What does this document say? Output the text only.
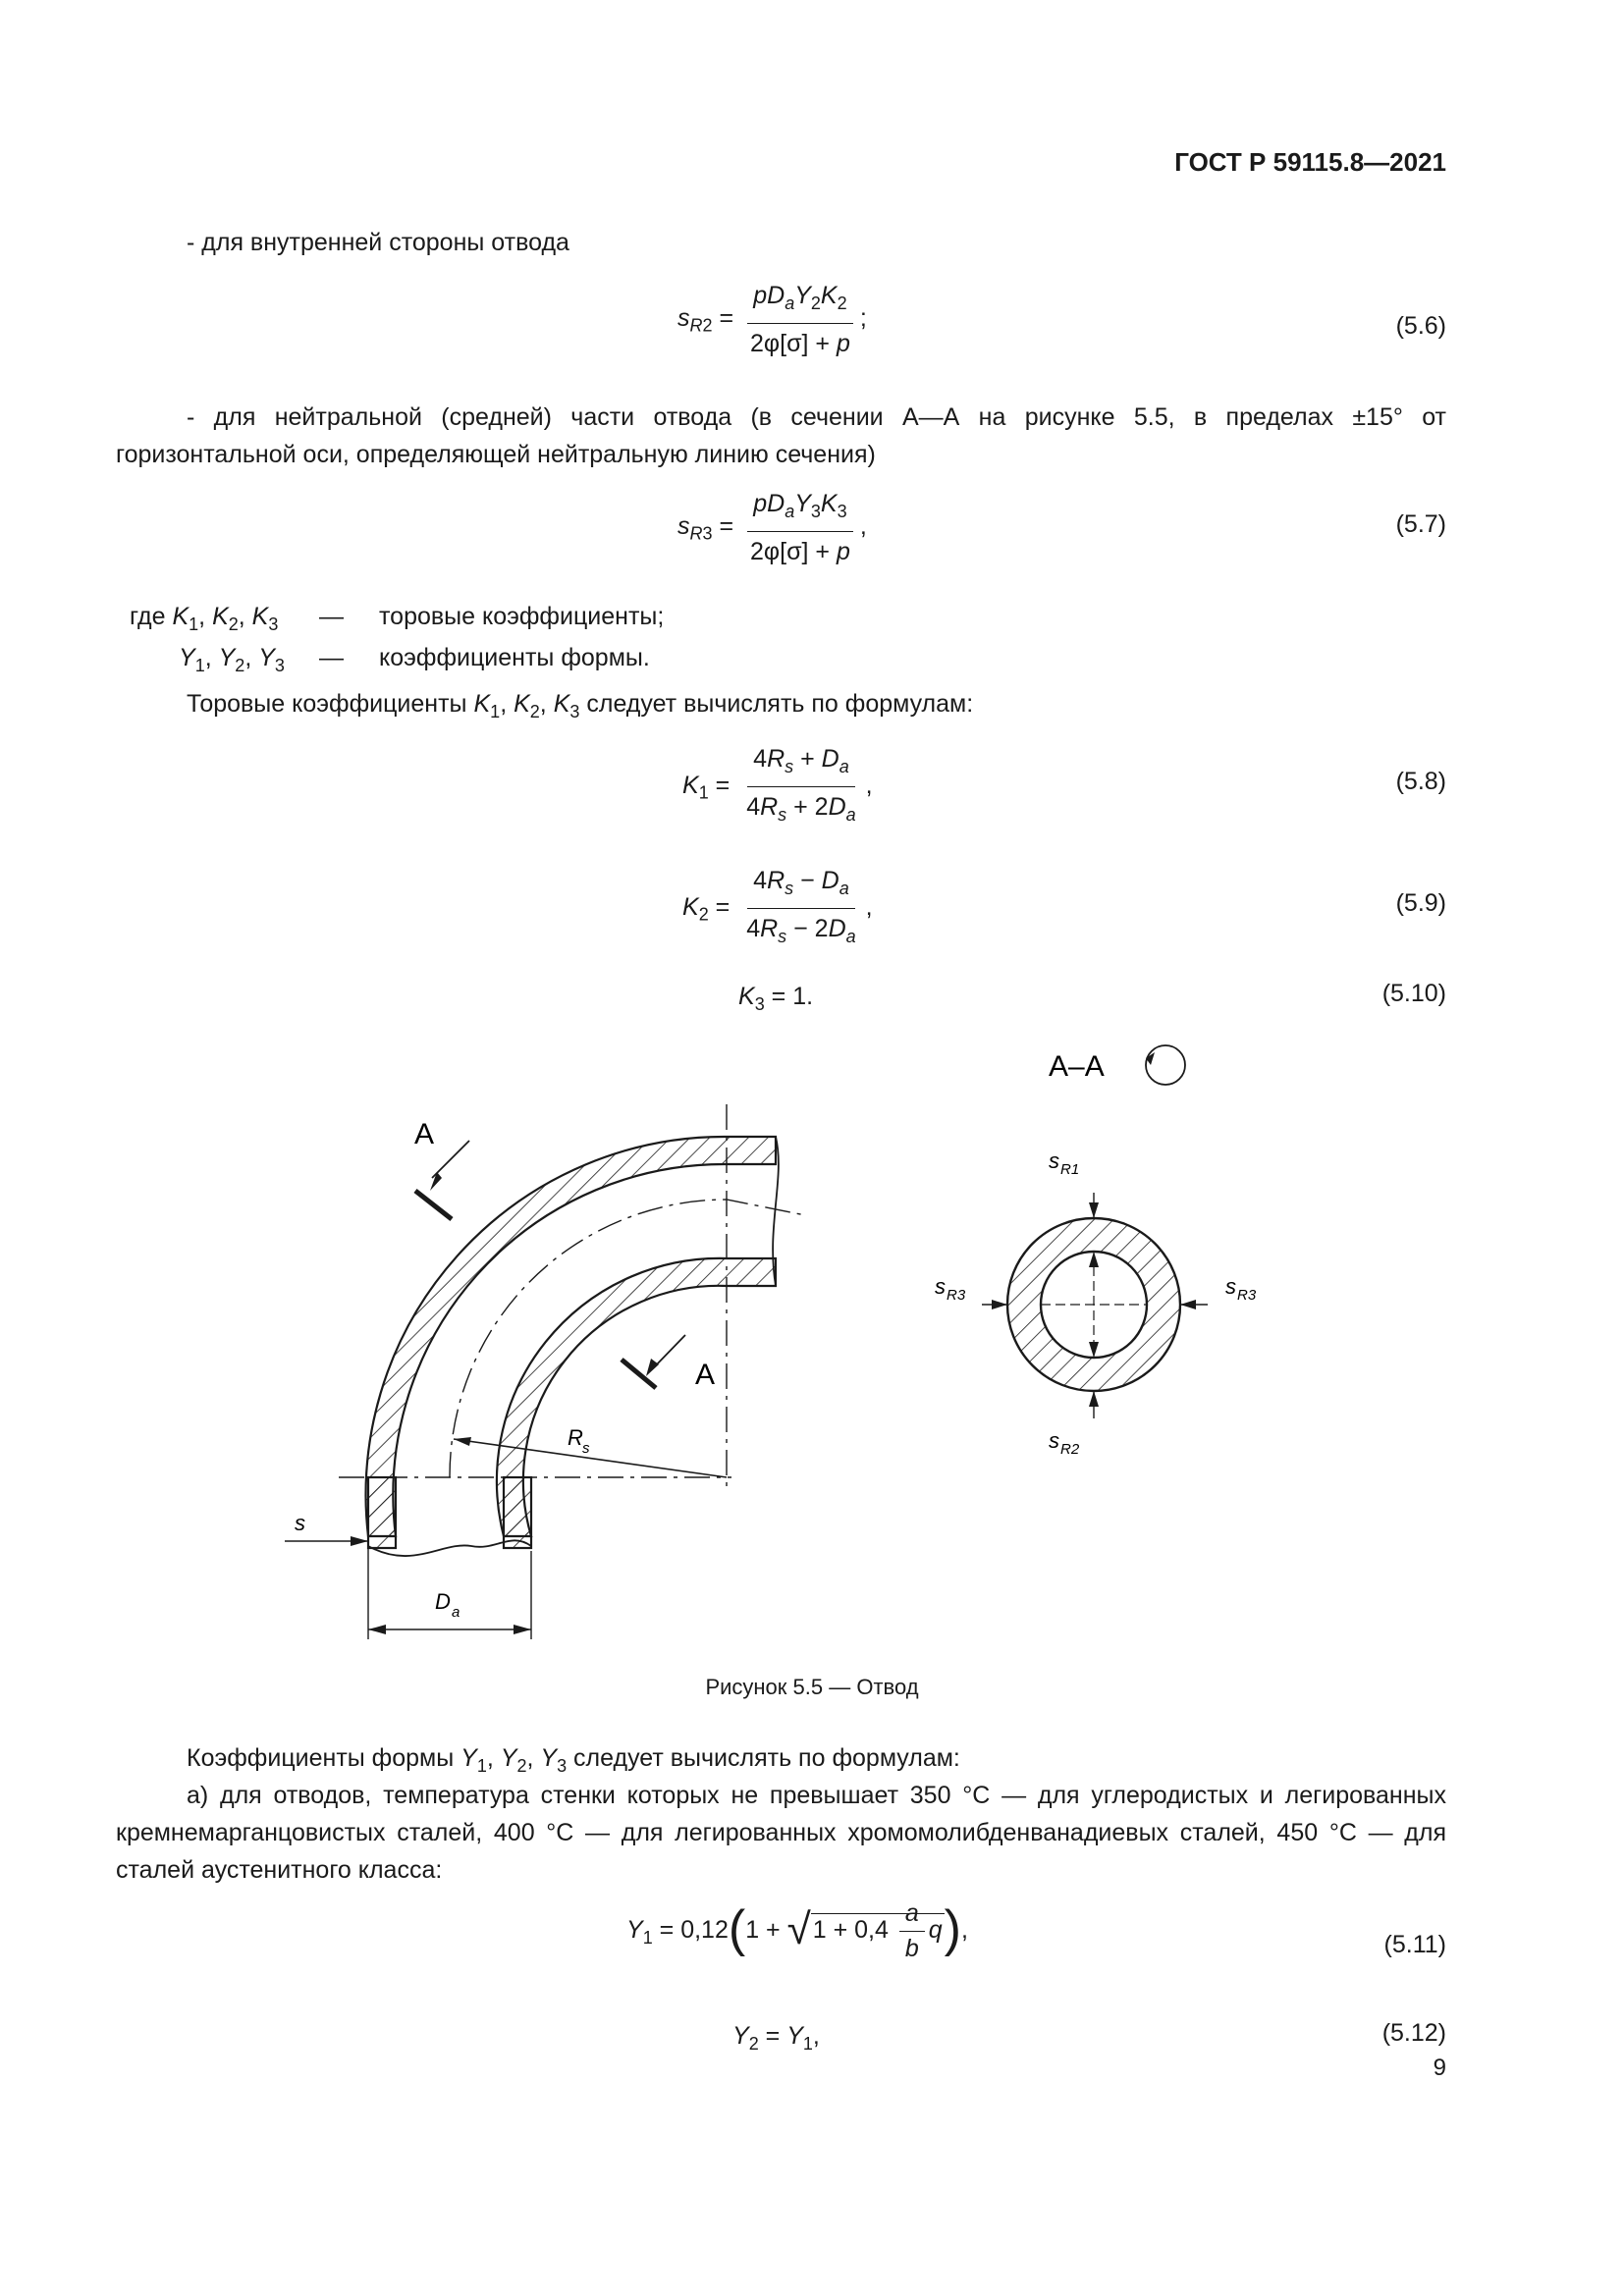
ГОСТ Р 59115.8—2021
- для внутренней стороны отвода
$s_{R2} = \frac{pD_aY_2K_2}{2\varphi[\sigma] + p}$ ;	(5.6)
- для нейтральной (средней) части отвода (в сечении А—А на рисунке 5.5, в пределах ±15° от горизонтальной оси, определяющей нейтральную линию сечения)
$s_{R3} = \frac{pD_aY_3K_3}{2\varphi[\sigma] + p}$ ,	(5.7)
где $K_1$, $K_2$, $K_3$ — торовые коэффициенты;
$Y_1$, $Y_2$, $Y_3$ — коэффициенты формы.
Торовые коэффициенты $K_1$, $K_2$, $K_3$ следует вычислять по формулам:
$K_1 = \frac{4R_s + D_a}{4R_s + 2D_a}$ ,	(5.8)
$K_2 = \frac{4R_s - D_a}{4R_s - 2D_a}$ ,	(5.9)
$K_3 = 1$.	(5.10)
R s
А
А
s
D a
А–А
s R1
s R2
s R3	s R3
Рисунок 5.5 — Отвод
Коэффициенты формы $Y_1$, $Y_2$, $Y_3$ следует вычислять по формулам:
а) для отводов, температура стенки которых не превышает 350 °С — для углеродистых и легированных кремнемарганцовистых сталей, 400 °С — для легированных хромомолибденванадиевых сталей, 450 °С — для сталей аустенитного класса:
$Y_1 = 0,12(1 + √1 + 0,4 \frac{a}{b} q)$,
(5.11)
$Y_2 = Y_1$,	(5.12)
9
